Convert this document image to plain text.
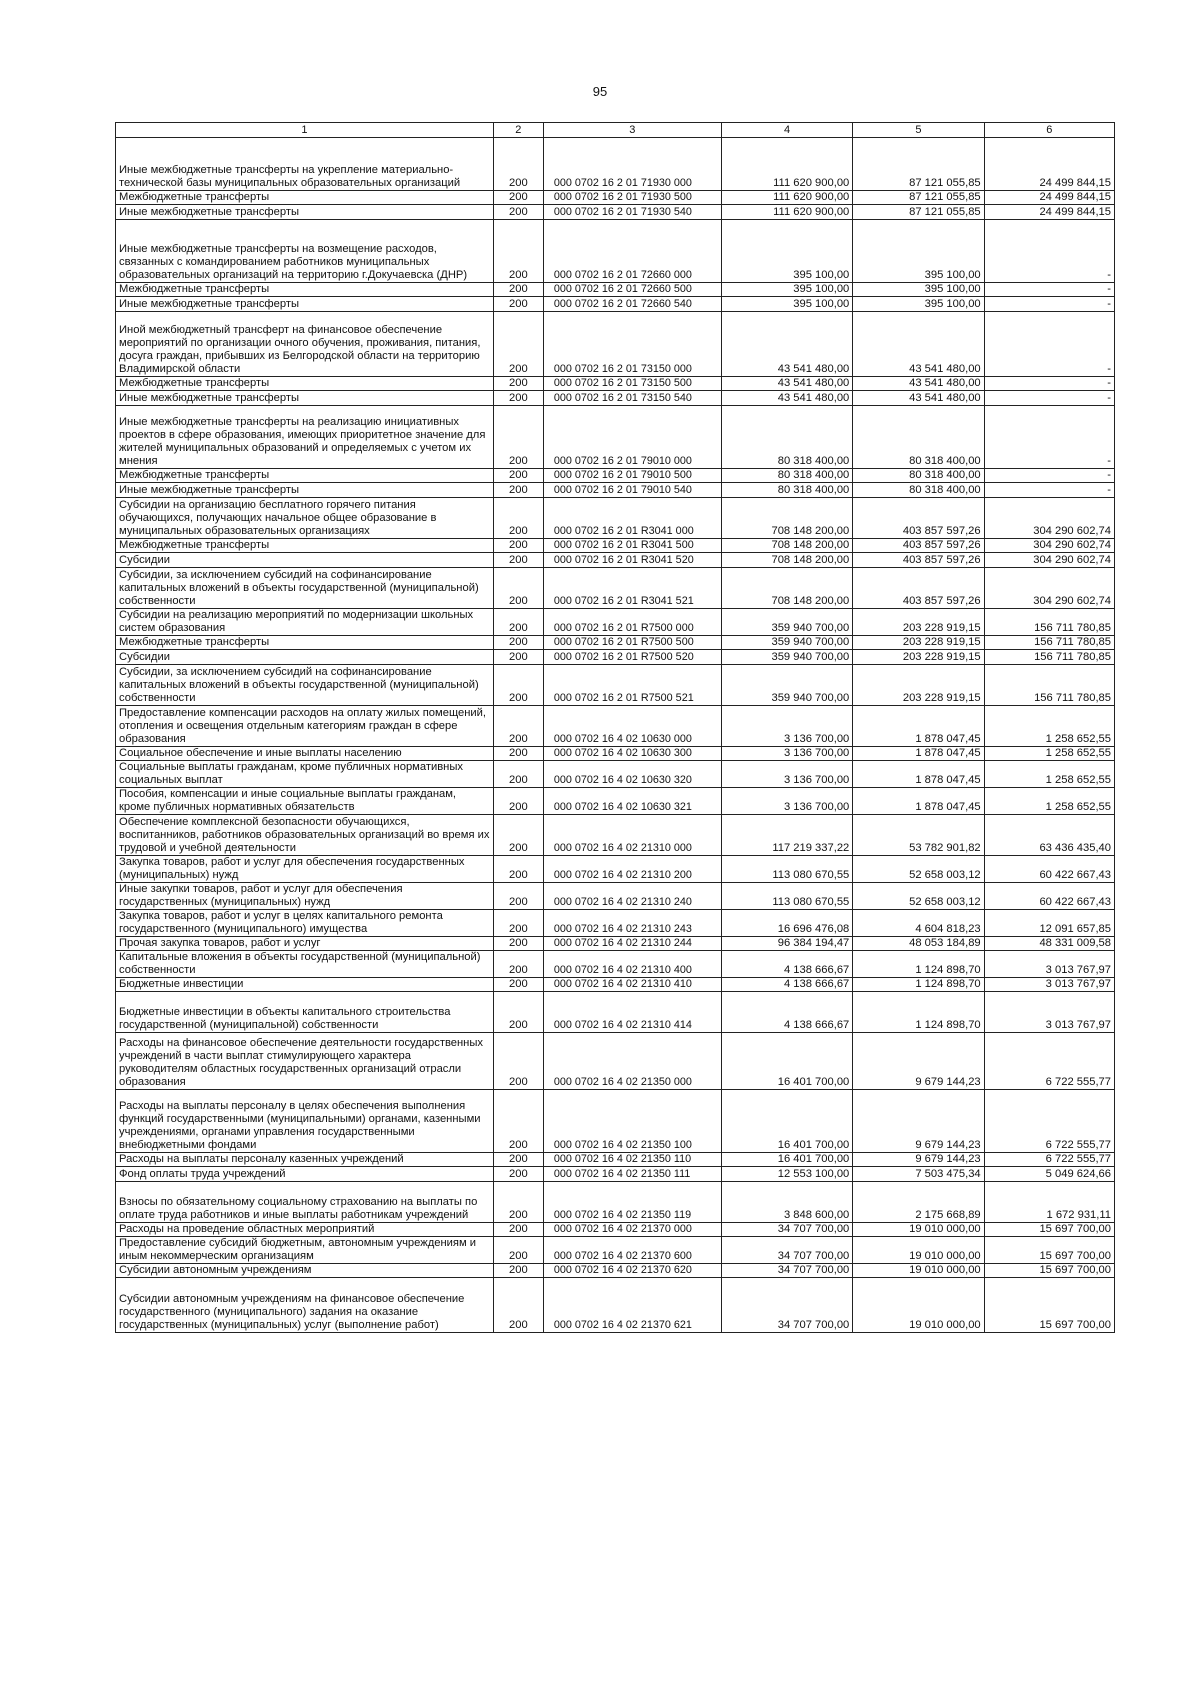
95
1	2	3	4	5	6
Иные межбюджетные трансферты на укрепление материально-технической базы муниципальных образовательных организаций	200	000 0702 16 2 01 71930 000	111 620 900,00	87 121 055,85	24 499 844,15
Межбюджетные трансферты	200	000 0702 16 2 01 71930 500	111 620 900,00	87 121 055,85	24 499 844,15
Иные межбюджетные трансферты	200	000 0702 16 2 01 71930 540	111 620 900,00	87 121 055,85	24 499 844,15
Иные межбюджетные трансферты на возмещение расходов, связанных с командированием работников муниципальных образовательных организаций на территорию г.Докучаевска (ДНР)	200	000 0702 16 2 01 72660 000	395 100,00	395 100,00	-
Межбюджетные трансферты	200	000 0702 16 2 01 72660 500	395 100,00	395 100,00	-
Иные межбюджетные трансферты	200	000 0702 16 2 01 72660 540	395 100,00	395 100,00	-
Иной межбюджетный трансферт на финансовое обеспечение мероприятий по организации очного обучения, проживания, питания, досуга граждан, прибывших из Белгородской области на территорию Владимирской области	200	000 0702 16 2 01 73150 000	43 541 480,00	43 541 480,00	-
Межбюджетные трансферты	200	000 0702 16 2 01 73150 500	43 541 480,00	43 541 480,00	-
Иные межбюджетные трансферты	200	000 0702 16 2 01 73150 540	43 541 480,00	43 541 480,00	-
Иные межбюджетные трансферты на реализацию инициативных проектов в сфере образования, имеющих приоритетное значение для жителей муниципальных образований и определяемых с учетом их мнения	200	000 0702 16 2 01 79010 000	80 318 400,00	80 318 400,00	-
Межбюджетные трансферты	200	000 0702 16 2 01 79010 500	80 318 400,00	80 318 400,00	-
Иные межбюджетные трансферты	200	000 0702 16 2 01 79010 540	80 318 400,00	80 318 400,00	-
Субсидии на организацию бесплатного горячего питания обучающихся, получающих начальное общее образование в муниципальных образовательных организациях	200	000 0702 16 2 01 R3041 000	708 148 200,00	403 857 597,26	304 290 602,74
Межбюджетные трансферты	200	000 0702 16 2 01 R3041 500	708 148 200,00	403 857 597,26	304 290 602,74
Субсидии	200	000 0702 16 2 01 R3041 520	708 148 200,00	403 857 597,26	304 290 602,74
Субсидии, за исключением субсидий на софинансирование капитальных вложений в объекты государственной (муниципальной) собственности	200	000 0702 16 2 01 R3041 521	708 148 200,00	403 857 597,26	304 290 602,74
Субсидии на реализацию мероприятий по модернизации школьных систем образования	200	000 0702 16 2 01 R7500 000	359 940 700,00	203 228 919,15	156 711 780,85
Межбюджетные трансферты	200	000 0702 16 2 01 R7500 500	359 940 700,00	203 228 919,15	156 711 780,85
Субсидии	200	000 0702 16 2 01 R7500 520	359 940 700,00	203 228 919,15	156 711 780,85
Субсидии, за исключением субсидий на софинансирование капитальных вложений в объекты государственной (муниципальной) собственности	200	000 0702 16 2 01 R7500 521	359 940 700,00	203 228 919,15	156 711 780,85
Предоставление компенсации расходов на оплату жилых помещений, отопления и освещения отдельным категориям граждан в сфере образования	200	000 0702 16 4 02 10630 000	3 136 700,00	1 878 047,45	1 258 652,55
Социальное обеспечение и иные выплаты населению	200	000 0702 16 4 02 10630 300	3 136 700,00	1 878 047,45	1 258 652,55
Социальные выплаты гражданам, кроме публичных нормативных социальных выплат	200	000 0702 16 4 02 10630 320	3 136 700,00	1 878 047,45	1 258 652,55
Пособия, компенсации и иные социальные выплаты гражданам, кроме публичных нормативных обязательств	200	000 0702 16 4 02 10630 321	3 136 700,00	1 878 047,45	1 258 652,55
Обеспечение комплексной безопасности обучающихся, воспитанников, работников образовательных организаций во время их трудовой и учебной деятельности	200	000 0702 16 4 02 21310 000	117 219 337,22	53 782 901,82	63 436 435,40
Закупка товаров, работ и услуг для обеспечения государственных (муниципальных) нужд	200	000 0702 16 4 02 21310 200	113 080 670,55	52 658 003,12	60 422 667,43
Иные закупки товаров, работ и услуг для обеспечения государственных (муниципальных) нужд	200	000 0702 16 4 02 21310 240	113 080 670,55	52 658 003,12	60 422 667,43
Закупка товаров, работ и услуг в целях капитального ремонта государственного (муниципального) имущества	200	000 0702 16 4 02 21310 243	16 696 476,08	4 604 818,23	12 091 657,85
Прочая закупка товаров, работ и услуг	200	000 0702 16 4 02 21310 244	96 384 194,47	48 053 184,89	48 331 009,58
Капитальные вложения в объекты государственной (муниципальной) собственности	200	000 0702 16 4 02 21310 400	4 138 666,67	1 124 898,70	3 013 767,97
Бюджетные инвестиции	200	000 0702 16 4 02 21310 410	4 138 666,67	1 124 898,70	3 013 767,97
Бюджетные инвестиции в объекты капитального строительства государственной (муниципальной) собственности	200	000 0702 16 4 02 21310 414	4 138 666,67	1 124 898,70	3 013 767,97
Расходы на финансовое обеспечение деятельности государственных учреждений в части выплат стимулирующего характера руководителям областных государственных организаций отрасли образования	200	000 0702 16 4 02 21350 000	16 401 700,00	9 679 144,23	6 722 555,77
Расходы на выплаты персоналу в целях обеспечения выполнения функций государственными (муниципальными) органами, казенными учреждениями, органами управления государственными внебюджетными фондами	200	000 0702 16 4 02 21350 100	16 401 700,00	9 679 144,23	6 722 555,77
Расходы на выплаты персоналу казенных учреждений	200	000 0702 16 4 02 21350 110	16 401 700,00	9 679 144,23	6 722 555,77
Фонд оплаты труда учреждений	200	000 0702 16 4 02 21350 111	12 553 100,00	7 503 475,34	5 049 624,66
Взносы по обязательному социальному страхованию на выплаты по оплате труда работников и иные выплаты работникам учреждений	200	000 0702 16 4 02 21350 119	3 848 600,00	2 175 668,89	1 672 931,11
Расходы на проведение областных мероприятий	200	000 0702 16 4 02 21370 000	34 707 700,00	19 010 000,00	15 697 700,00
Предоставление субсидий бюджетным, автономным учреждениям и иным некоммерческим организациям	200	000 0702 16 4 02 21370 600	34 707 700,00	19 010 000,00	15 697 700,00
Субсидии автономным учреждениям	200	000 0702 16 4 02 21370 620	34 707 700,00	19 010 000,00	15 697 700,00
Субсидии автономным учреждениям на финансовое обеспечение государственного (муниципального) задания на оказание государственных (муниципальных) услуг (выполнение работ)	200	000 0702 16 4 02 21370 621	34 707 700,00	19 010 000,00	15 697 700,00
